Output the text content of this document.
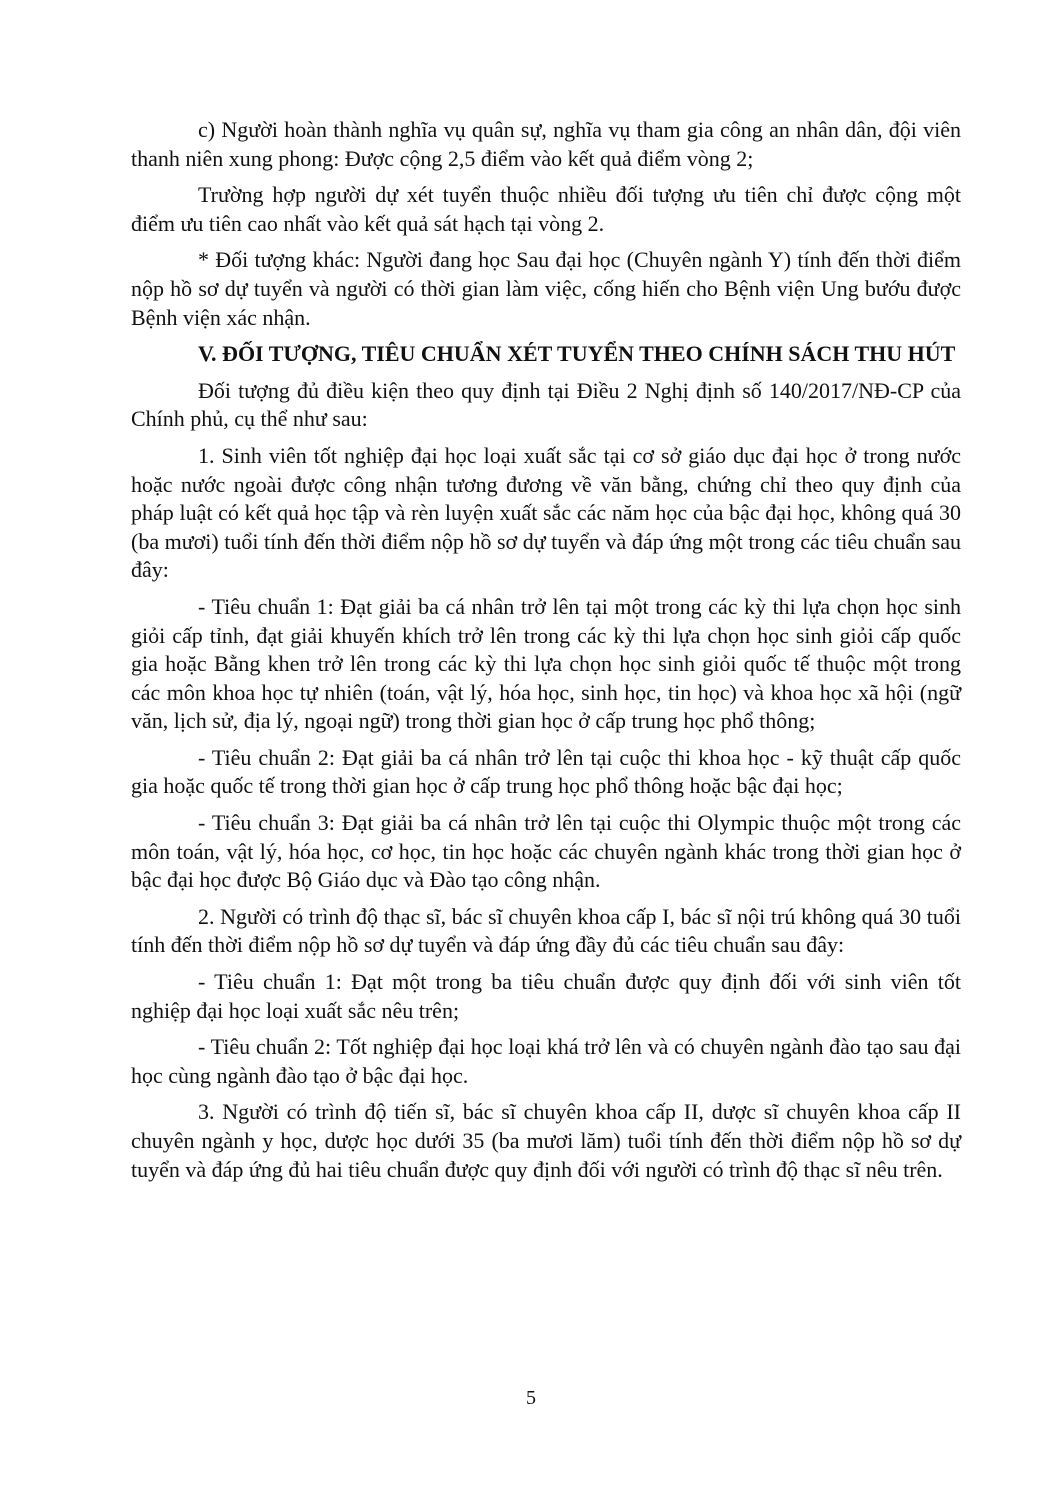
c) Người hoàn thành nghĩa vụ quân sự, nghĩa vụ tham gia công an nhân dân, đội viên thanh niên xung phong: Được cộng 2,5 điểm vào kết quả điểm vòng 2;

Trường hợp người dự xét tuyển thuộc nhiều đối tượng ưu tiên chỉ được cộng một điểm ưu tiên cao nhất vào kết quả sát hạch tại vòng 2.

* Đối tượng khác: Người đang học Sau đại học (Chuyên ngành Y) tính đến thời điểm nộp hồ sơ dự tuyển và người có thời gian làm việc, cống hiến cho Bệnh viện Ung bướu được Bệnh viện xác nhận.

V. ĐỐI TƯỢNG, TIÊU CHUẨN XÉT TUYỂN THEO CHÍNH SÁCH THU HÚT

Đối tượng đủ điều kiện theo quy định tại Điều 2 Nghị định số 140/2017/NĐ-CP của Chính phủ, cụ thể như sau:

1. Sinh viên tốt nghiệp đại học loại xuất sắc tại cơ sở giáo dục đại học ở trong nước hoặc nước ngoài được công nhận tương đương về văn bằng, chứng chỉ theo quy định của pháp luật có kết quả học tập và rèn luyện xuất sắc các năm học của bậc đại học, không quá 30 (ba mươi) tuổi tính đến thời điểm nộp hồ sơ dự tuyển và đáp ứng một trong các tiêu chuẩn sau đây:

- Tiêu chuẩn 1: Đạt giải ba cá nhân trở lên tại một trong các kỳ thi lựa chọn học sinh giỏi cấp tỉnh, đạt giải khuyến khích trở lên trong các kỳ thi lựa chọn học sinh giỏi cấp quốc gia hoặc Bằng khen trở lên trong các kỳ thi lựa chọn học sinh giỏi quốc tế thuộc một trong các môn khoa học tự nhiên (toán, vật lý, hóa học, sinh học, tin học) và khoa học xã hội (ngữ văn, lịch sử, địa lý, ngoại ngữ) trong thời gian học ở cấp trung học phổ thông;

- Tiêu chuẩn 2: Đạt giải ba cá nhân trở lên tại cuộc thi khoa học - kỹ thuật cấp quốc gia hoặc quốc tế trong thời gian học ở cấp trung học phổ thông hoặc bậc đại học;

- Tiêu chuẩn 3: Đạt giải ba cá nhân trở lên tại cuộc thi Olympic thuộc một trong các môn toán, vật lý, hóa học, cơ học, tin học hoặc các chuyên ngành khác trong thời gian học ở bậc đại học được Bộ Giáo dục và Đào tạo công nhận.

2. Người có trình độ thạc sĩ, bác sĩ chuyên khoa cấp I, bác sĩ nội trú không quá 30 tuổi tính đến thời điểm nộp hồ sơ dự tuyển và đáp ứng đầy đủ các tiêu chuẩn sau đây:

- Tiêu chuẩn 1: Đạt một trong ba tiêu chuẩn được quy định đối với sinh viên tốt nghiệp đại học loại xuất sắc nêu trên;

- Tiêu chuẩn 2: Tốt nghiệp đại học loại khá trở lên và có chuyên ngành đào tạo sau đại học cùng ngành đào tạo ở bậc đại học.

3. Người có trình độ tiến sĩ, bác sĩ chuyên khoa cấp II, dược sĩ chuyên khoa cấp II chuyên ngành y học, dược học dưới 35 (ba mươi lăm) tuổi tính đến thời điểm nộp hồ sơ dự tuyển và đáp ứng đủ hai tiêu chuẩn được quy định đối với người có trình độ thạc sĩ nêu trên.

5
